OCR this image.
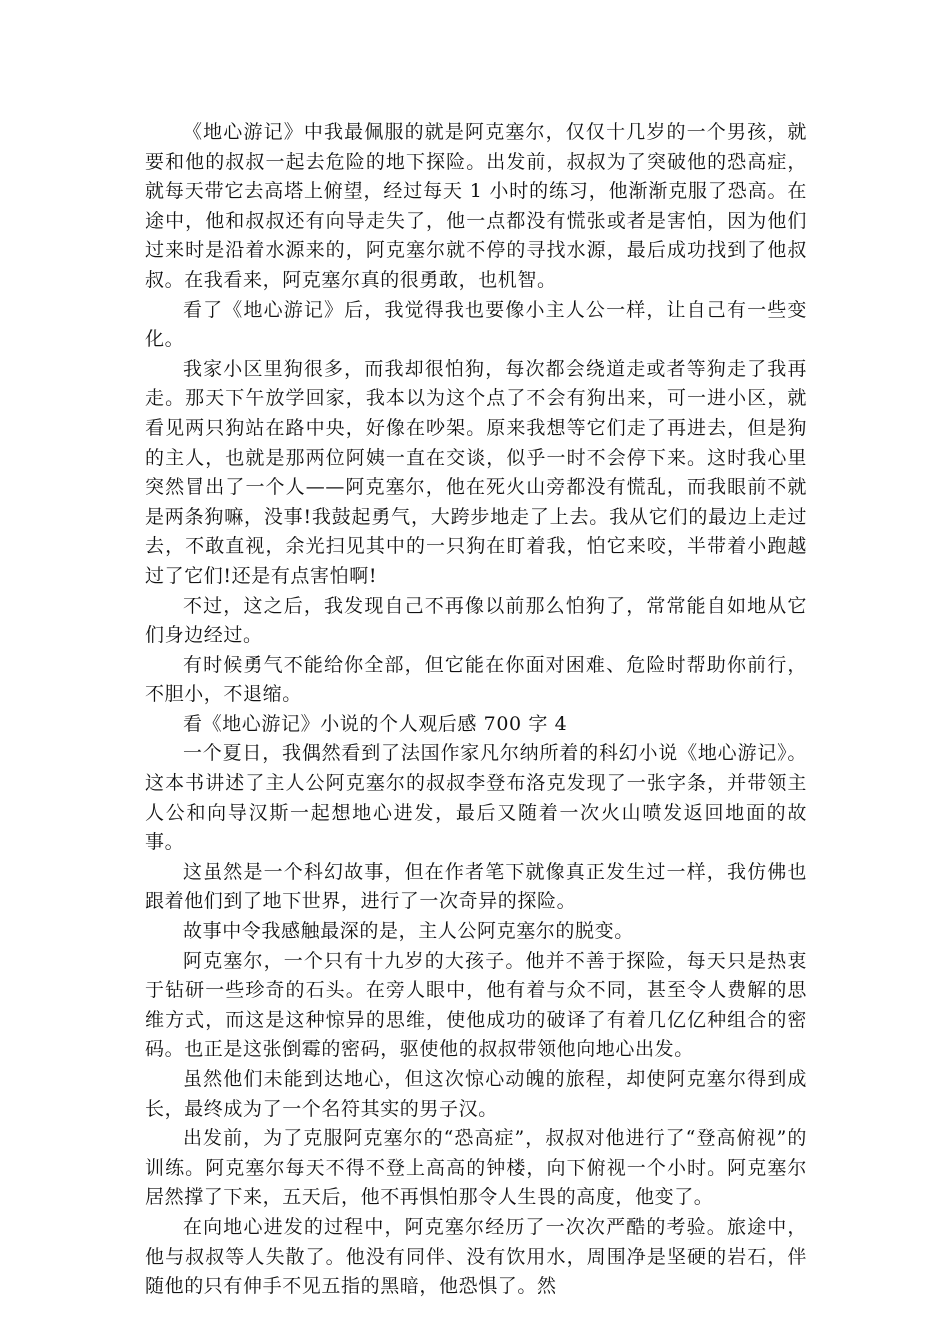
《地心游记》中我最佩服的就是阿克塞尔，仅仅十几岁的一个男孩，就要和他的叔叔一起去危险的地下探险。出发前，叔叔为了突破他的恐高症，就每天带它去高塔上俯望，经过每天 1 小时的练习，他渐渐克服了恐高。在途中，他和叔叔还有向导走失了，他一点都没有慌张或者是害怕，因为他们过来时是沿着水源来的，阿克塞尔就不停的寻找水源，最后成功找到了他叔叔。在我看来，阿克塞尔真的很勇敢，也机智。

看了《地心游记》后，我觉得我也要像小主人公一样，让自己有一些变化。

我家小区里狗很多，而我却很怕狗，每次都会绕道走或者等狗走了我再走。那天下午放学回家，我本以为这个点了不会有狗出来，可一进小区，就看见两只狗站在路中央，好像在吵架。原来我想等它们走了再进去，但是狗的主人，也就是那两位阿姨一直在交谈，似乎一时不会停下来。这时我心里突然冒出了一个人——阿克塞尔，他在死火山旁都没有慌乱，而我眼前不就是两条狗嘛，没事!我鼓起勇气，大跨步地走了上去。我从它们的最边上走过去，不敢直视，余光扫见其中的一只狗在盯着我，怕它来咬，半带着小跑越过了它们!还是有点害怕啊!

不过，这之后，我发现自己不再像以前那么怕狗了，常常能自如地从它们身边经过。

有时候勇气不能给你全部，但它能在你面对困难、危险时帮助你前行，不胆小，不退缩。

看《地心游记》小说的个人观后感 700 字 4

一个夏日，我偶然看到了法国作家凡尔纳所着的科幻小说《地心游记》。这本书讲述了主人公阿克塞尔的叔叔李登布洛克发现了一张字条，并带领主人公和向导汉斯一起想地心进发，最后又随着一次火山喷发返回地面的故事。

这虽然是一个科幻故事，但在作者笔下就像真正发生过一样，我仿佛也跟着他们到了地下世界，进行了一次奇异的探险。

故事中令我感触最深的是，主人公阿克塞尔的脱变。

阿克塞尔，一个只有十九岁的大孩子。他并不善于探险，每天只是热衷于钻研一些珍奇的石头。在旁人眼中，他有着与众不同，甚至令人费解的思维方式，而这是这种惊异的思维，使他成功的破译了有着几亿亿种组合的密码。也正是这张倒霉的密码，驱使他的叔叔带领他向地心出发。

虽然他们未能到达地心，但这次惊心动魄的旅程，却使阿克塞尔得到成长，最终成为了一个名符其实的男子汉。

出发前，为了克服阿克塞尔的“恐高症”，叔叔对他进行了“登高俯视”的训练。阿克塞尔每天不得不登上高高的钟楼，向下俯视一个小时。阿克塞尔居然撑了下来，五天后，他不再惧怕那令人生畏的高度，他变了。

在向地心进发的过程中，阿克塞尔经历了一次次严酷的考验。旅途中，他与叔叔等人失散了。他没有同伴、没有饮用水，周围净是坚硬的岩石，伴随他的只有伸手不见五指的黑暗，他恐惧了。然
